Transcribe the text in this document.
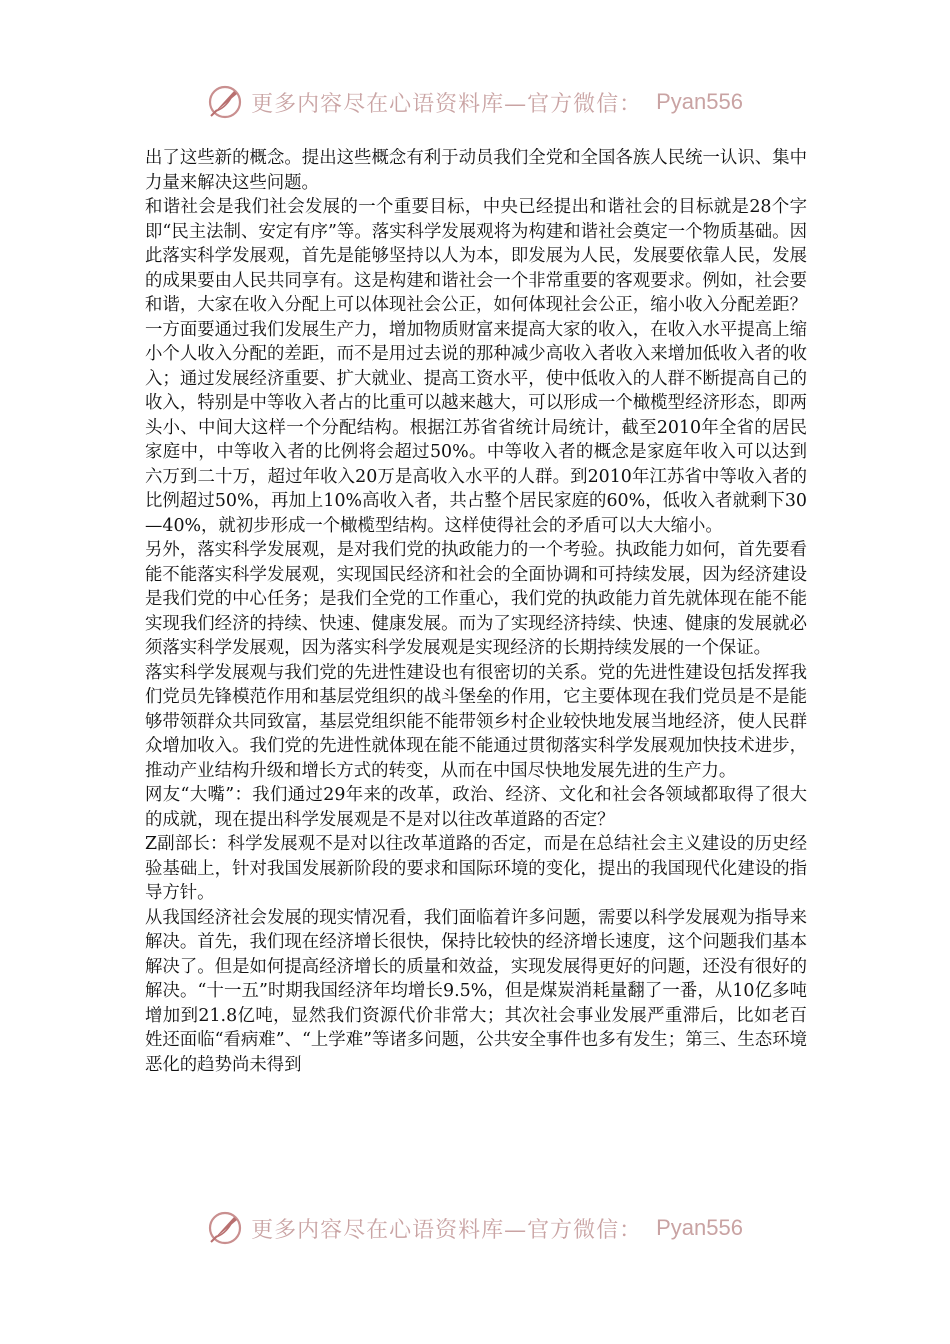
更多内容尽在心语资料库—官方微信： Pyan556

出了这些新的概念。提出这些概念有利于动员我们全党和全国各族人民统一认识、集中力量来解决这些问题。

和谐社会是我们社会发展的一个重要目标，中央已经提出和谐社会的目标就是28个字即“民主法制、安定有序”等。落实科学发展观将为构建和谐社会奠定一个物质基础。因此落实科学发展观，首先是能够坚持以人为本，即发展为人民，发展要依靠人民，发展的成果要由人民共同享有。这是构建和谐社会一个非常重要的客观要求。例如，社会要和谐，大家在收入分配上可以体现社会公正，如何体现社会公正，缩小收入分配差距？一方面要通过我们发展生产力，增加物质财富来提高大家的收入，在收入水平提高上缩小个人收入分配的差距，而不是用过去说的那种减少高收入者收入来增加低收入者的收入；通过发展经济重要、扩大就业、提高工资水平，使中低收入的人群不断提高自己的收入，特别是中等收入者占的比重可以越来越大，可以形成一个橄榄型经济形态，即两头小、中间大这样一个分配结构。根据江苏省省统计局统计，截至2010年全省的居民家庭中，中等收入者的比例将会超过50%。中等收入者的概念是家庭年收入可以达到六万到二十万，超过年收入20万是高收入水平的人群。到2010年江苏省中等收入者的比例超过50%，再加上10%高收入者，共占整个居民家庭的60%，低收入者就剩下30—40%，就初步形成一个橄榄型结构。这样使得社会的矛盾可以大大缩小。

另外，落实科学发展观，是对我们党的执政能力的一个考验。执政能力如何，首先要看能不能落实科学发展观，实现国民经济和社会的全面协调和可持续发展，因为经济建设是我们党的中心任务；是我们全党的工作重心，我们党的执政能力首先就体现在能不能实现我们经济的持续、快速、健康发展。而为了实现经济持续、快速、健康的发展就必须落实科学发展观，因为落实科学发展观是实现经济的长期持续发展的一个保证。

落实科学发展观与我们党的先进性建设也有很密切的关系。党的先进性建设包括发挥我们党员先锋模范作用和基层党组织的战斗堡垒的作用，它主要体现在我们党员是不是能够带领群众共同致富，基层党组织能不能带领乡村企业较快地发展当地经济，使人民群众增加收入。我们党的先进性就体现在能不能通过贯彻落实科学发展观加快技术进步，推动产业结构升级和增长方式的转变，从而在中国尽快地发展先进的生产力。

网友“大嘴”：我们通过29年来的改革，政治、经济、文化和社会各领域都取得了很大的成就，现在提出科学发展观是不是对以往改革道路的否定？

Z副部长：科学发展观不是对以往改革道路的否定，而是在总结社会主义建设的历史经验基础上，针对我国发展新阶段的要求和国际环境的变化，提出的我国现代化建设的指导方针。

从我国经济社会发展的现实情况看，我们面临着许多问题，需要以科学发展观为指导来解决。首先，我们现在经济增长很快，保持比较快的经济增长速度，这个问题我们基本解决了。但是如何提高经济增长的质量和效益，实现发展得更好的问题，还没有很好的解决。“十一五”时期我国经济年均增长9.5%，但是煤炭消耗量翻了一番，从10亿多吨增加到21.8亿吨，显然我们资源代价非常大；其次社会事业发展严重滞后，比如老百姓还面临“看病难”、“上学难”等诸多问题，公共安全事件也多有发生；第三、生态环境恶化的趋势尚未得到

更多内容尽在心语资料库—官方微信： Pyan556
